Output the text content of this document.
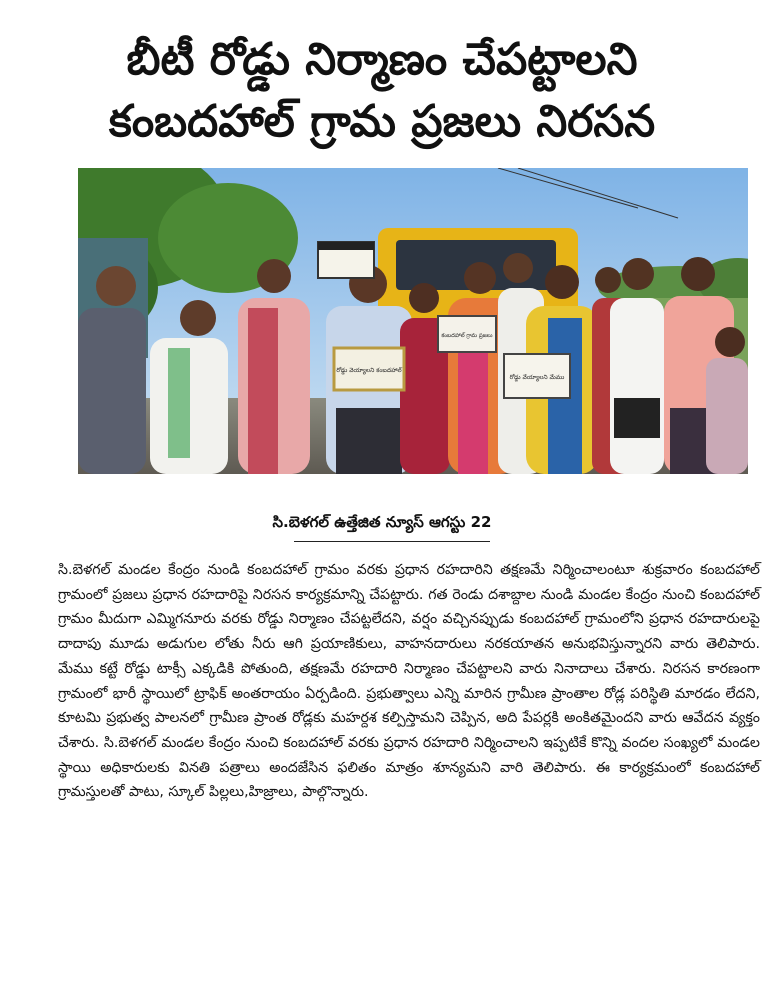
బీటీ రోడ్డు నిర్మాణం చేపట్టాలని
కంబదహాల్ గ్రామ ప్రజలు నిరసన
రోడ్డు వెయ్యాలని కంబదహాల్
కంబదహాల్ గ్రామ ప్రజలు
రోడ్డు వేయ్యాలని మేము
సి.బెళగల్ ఉత్తేజిత న్యూస్ ఆగస్టు 22

సి.బెళగల్ మండల కేంద్రం నుండి కంబదహాల్ గ్రామం వరకు ప్రధాన రహదారిని తక్షణమే నిర్మించాలంటూ శుక్రవారం కంబదహాల్ గ్రామంలో ప్రజలు ప్రధాన రహదారిపై నిరసన కార్యక్రమాన్ని చేపట్టారు. గత రెండు దశాబ్దాల నుండి మండల కేంద్రం నుంచి కంబదహాల్ గ్రామం మీదుగా ఎమ్మిగనూరు వరకు రోడ్డు నిర్మాణం చేపట్టలేదని, వర్షం వచ్చినప్పుడు కంబదహాల్ గ్రామంలోని ప్రధాన రహదారులపై దాదాపు మూడు అడుగుల లోతు నీరు ఆగి ప్రయాణికులు, వాహనదారులు నరకయాతన అనుభవిస్తున్నారని వారు తెలిపారు. మేము కట్టే రోడ్డు టాక్సీ ఎక్కడికి పోతుంది, తక్షణమే రహదారి నిర్మాణం చేపట్టాలని వారు నినాదాలు చేశారు. నిరసన కారణంగా గ్రామంలో భారీ స్థాయిలో ట్రాఫిక్ అంతరాయం ఏర్పడింది. ప్రభుత్వాలు ఎన్ని మారిన గ్రామీణ ప్రాంతాల రోడ్ల పరిస్థితి మారడం లేదని, కూటమి ప్రభుత్వ పాలనలో గ్రామీణ ప్రాంత రోడ్లకు మహర్దశ కల్పిస్తామని చెప్పిన, అది పేపర్లకి అంకితమైందని వారు ఆవేదన వ్యక్తం చేశారు. సి.బెళగల్ మండల కేంద్రం నుంచి కంబదహాల్ వరకు ప్రధాన రహదారి నిర్మించాలని ఇప్పటికే కొన్ని వందల సంఖ్యలో మండల స్థాయి అధికారులకు వినతి పత్రాలు అందజేసిన ఫలితం మాత్రం శూన్యమని వారి తెలిపారు. ఈ కార్యక్రమంలో కంబదహాల్ గ్రామస్తులతో పాటు, స్కూల్ పిల్లలు,హిజ్రాలు, పాల్గొన్నారు.
